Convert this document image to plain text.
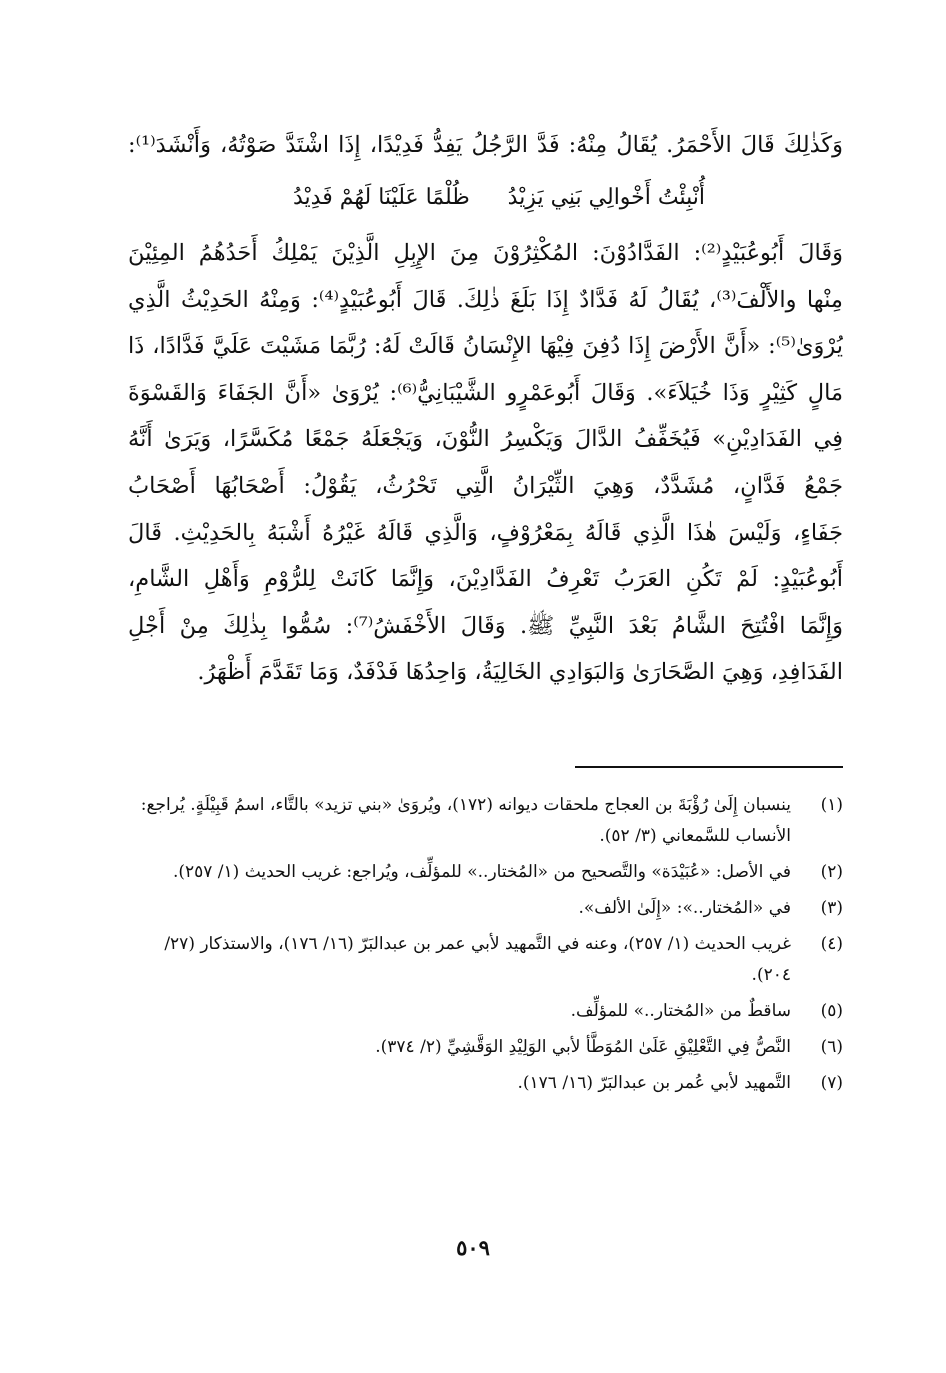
وَكَذٰلِكَ قَالَ الأَحْمَرُ. يُقَالُ مِنْهُ: فَدَّ الرَّجُلُ يَفِدُّ فَدِيْدًا، إِذَا اشْتَدَّ صَوْتُهُ، وَأَنْشَدَ⁽¹⁾:
أُنْبِئْتُ أَخْوالِي بَنِي يَزِيْدُ
ظُلْمًا عَلَيْنَا لَهُمْ فَدِيْدُ
وَقَالَ أَبُوعُبَيْدٍ⁽²⁾: الفَدَّادُوْنَ: المُكْثِرُوْنَ مِنَ الإِبِلِ الَّذِيْنَ يَمْلِكُ أَحَدُهُمُ المِئِيْنَ
مِنْها والأَلْفَ⁽³⁾، يُقَالُ لَهُ فَدَّادٌ إِذَا بَلَغَ ذٰلِكَ. قَالَ أَبُوعُبَيْدٍ⁽⁴⁾: وَمِنْهُ الحَدِيْثُ الَّذِي
يُرْوَىٰ⁽⁵⁾: «أَنَّ الأَرْضَ إِذَا دُفِنَ فِيْهَا الإِنْسَانُ قَالَتْ لَهُ: رُبَّمَا مَشَيْتَ عَلَيَّ فَدَّادًا، ذَا
مَالٍ كَثِيْرٍ وَذَا خُيَلاَءَ». وَقَالَ أَبُوعَمْرٍو الشَّيْبَانِيُّ⁽⁶⁾: يُرْوَىٰ «أَنَّ الجَفَاءَ وَالقَسْوَةَ
فِي الفَدَادِيْنِ» فَيُخَفِّفُ الدَّالَ وَيَكْسِرُ النُّوْنَ، وَيَجْعَلَهُ جَمْعًا مُكَسَّرًا، وَيَرَىٰ أَنَّهُ
جَمْعُ فَدَّانٍ، مُشَدَّدٌ، وَهِيَ الثِّيْرَانُ الَّتِي تَحْرُثُ، يَقُوْلُ: أَصْحَابُهَا أَصْحَابُ
جَفَاءٍ، وَلَيْسَ هٰذَا الَّذِي قَالَهُ بِمَعْرُوْفٍ، وَالَّذِي قَالَهُ غَيْرُهُ أَشْبَهُ بِالحَدِيْثِ. قَالَ
أَبُوعُبَيْدٍ: لَمْ تَكُنِ العَرَبُ تَعْرِفُ الفَدَّادِيْنَ، وَإِنَّمَا كَانَتْ لِلرُّوْمِ وَأَهْلِ الشَّامِ،
وَإِنَّمَا افْتُتِحَ الشَّامُ بَعْدَ النَّبِيِّ ﷺ. وَقَالَ الأَخْفَشُ⁽⁷⁾: سُمُّوا بِذٰلِكَ مِنْ أَجْلِ
الفَدَافِدِ، وَهِيَ الصَّحَارَىٰ وَالبَوَادِي الخَالِيَةُ، وَاحِدُهَا فَدْفَدٌ، وَمَا تَقَدَّمَ أَظْهَرُ.
(١)
ينسبان إِلَىٰ رُؤْبَةَ بن العجاج ملحقات ديوانه (١٧٢)، ويُروَىٰ «بني تزيد» بالتَّاء، اسمُ قَبِيْلَةٍ. يُراجع: الأنساب للسَّمعاني (٣/ ٥٢).
(٢)
في الأصل: «عُبَيْدَة» والتَّصحيح من «المُختار..» للمؤلِّف، ويُراجع: غريب الحديث (١/ ٢٥٧).
(٣)
في «المُختار..»: «إِلَىٰ الألف».
(٤)
غريب الحديث (١/ ٢٥٧)، وعنه في التَّمهيد لأبي عمر بن عبدالبَرّ (١٦/ ١٧٦)، والاستذكار (٢٧/ ٢٠٤).
(٥)
ساقطٌ من «المُختار..» للمؤلِّف.
(٦)
النَّصُّ فِي التَّعْلِيْقِ عَلَىٰ المُوَطَّأ لأبي الوَلِيْدِ الوَقَّشِيِّ (٢/ ٣٧٤).
(٧)
التَّمهيد لأبي عُمر بن عبدالبَرّ (١٦/ ١٧٦).
٥٠٩
